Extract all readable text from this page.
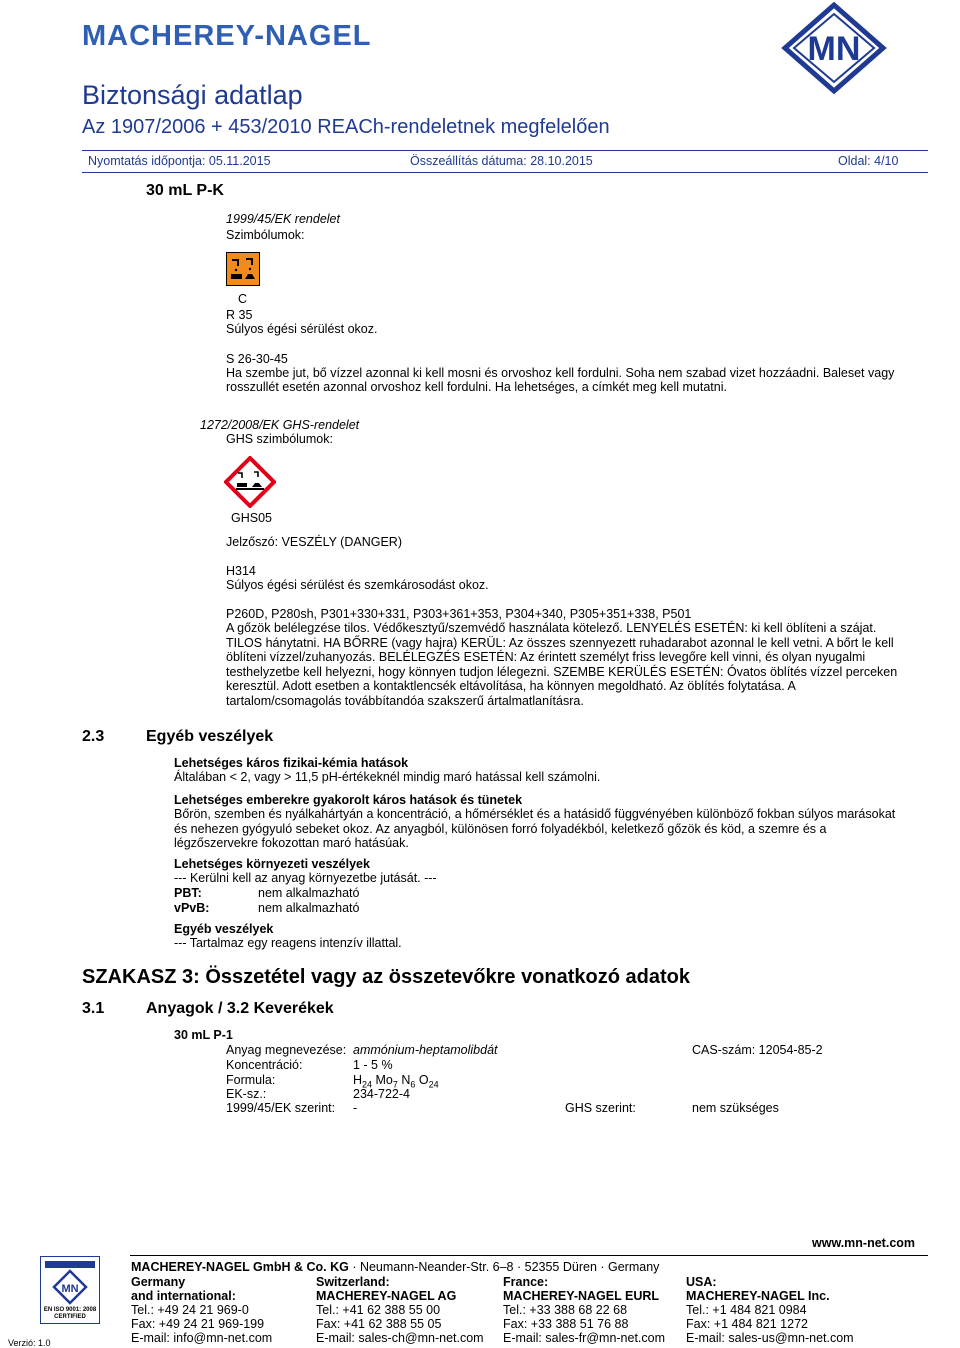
MACHEREY-NAGEL	MN
Biztonsági adatlap
Az 1907/2006 + 453/2010 REACh-rendeletnek megfelelően
Nyomtatás időpontja: 05.11.2015	Összeállítás dátuma: 28.10.2015	Oldal: 4/10
30 mL P-K
1999/45/EK rendelet
Szimbólumok:
C
R 35
Súlyos égési sérülést okoz.
S 26-30-45
Ha szembe jut, bő vízzel azonnal ki kell mosni és orvoshoz kell fordulni. Soha nem szabad vizet hozzáadni. Baleset vagy
rosszullét esetén azonnal orvoshoz kell fordulni. Ha lehetséges, a címkét meg kell mutatni.
1272/2008/EK GHS-rendelet
GHS szimbólumok:
GHS05
Jelzőszó: VESZÉLY (DANGER)
H314
Súlyos égési sérülést és szemkárosodást okoz.
P260D, P280sh, P301+330+331, P303+361+353, P304+340, P305+351+338, P501
A gőzök belélegzése tilos. Védőkesztyű/szemvédő használata kötelező. LENYELÉS ESETÉN: ki kell öblíteni a szájat.
TILOS hánytatni. HA BŐRRE (vagy hajra) KERÜL: Az összes szennyezett ruhadarabot azonnal le kell vetni. A bőrt le kell
öblíteni vízzel/zuhanyozás. BELÉLEGZÉS ESETÉN: Az érintett személyt friss levegőre kell vinni, és olyan nyugalmi
testhelyzetbe kell helyezni, hogy könnyen tudjon lélegezni. SZEMBE KERÜLÉS ESETÉN: Óvatos öblítés vízzel perceken
keresztül. Adott esetben a kontaktlencsék eltávolítása, ha könnyen megoldható. Az öblítés folytatása. A
tartalom/csomagolás továbbítandóa szakszerű ártalmatlanításra.
2.3	Egyéb veszélyek
Lehetséges káros fizikai-kémia hatások
Általában < 2, vagy > 11,5 pH-értékeknél mindig maró hatással kell számolni.
Lehetséges emberekre gyakorolt káros hatások és tünetek
Bőrön, szemben és nyálkahártyán a koncentráció, a hőmérséklet és a hatásidő függvényében különböző fokban súlyos marásokat
és nehezen gyógyuló sebeket okoz. Az anyagból, különösen forró folyadékból, keletkező gőzök és köd, a szemre és a
légzőszervekre fokozottan maró hatásúak.
Lehetséges környezeti veszélyek
--- Kerülni kell az anyag környezetbe jutását. ---
PBT:	nem alkalmazható
vPvB:	nem alkalmazható
Egyéb veszélyek
--- Tartalmaz egy reagens intenzív illattal.
SZAKASZ 3: Összetétel vagy az összetevőkre vonatkozó adatok
3.1	Anyagok / 3.2 Keverékek
30 mL P-1
Anyag megnevezése: ammónium-heptamolibdát	CAS-szám: 12054-85-2
Koncentráció:	1 - 5 %
Formula:	$H_{24}$ $Mo_7$ $N_6$ $O_{24}$
EK-sz.:	234-722-4
1999/45/EK szerint: -	GHS szerint:	nem szükséges
www.mn-net.com
MN
EN ISO 9001: 2008 CERTIFIED
Verzió: 1.0
MACHEREY-NAGEL GmbH & Co. KG · Neumann-Neander-Str. 6–8 · 52355 Düren · Germany
Germany
and international:
Tel.: +49 24 21 969-0
Fax: +49 24 21 969-199
E-mail: info@mn-net.com
Switzerland:
MACHEREY-NAGEL AG
Tel.: +41 62 388 55 00
Fax: +41 62 388 55 05
E-mail: sales-ch@mn-net.com
France:
MACHEREY-NAGEL EURL
Tel.: +33 388 68 22 68
Fax: +33 388 51 76 88
E-mail: sales-fr@mn-net.com
USA:
MACHEREY-NAGEL Inc.
Tel.: +1 484 821 0984
Fax: +1 484 821 1272
E-mail: sales-us@mn-net.com
